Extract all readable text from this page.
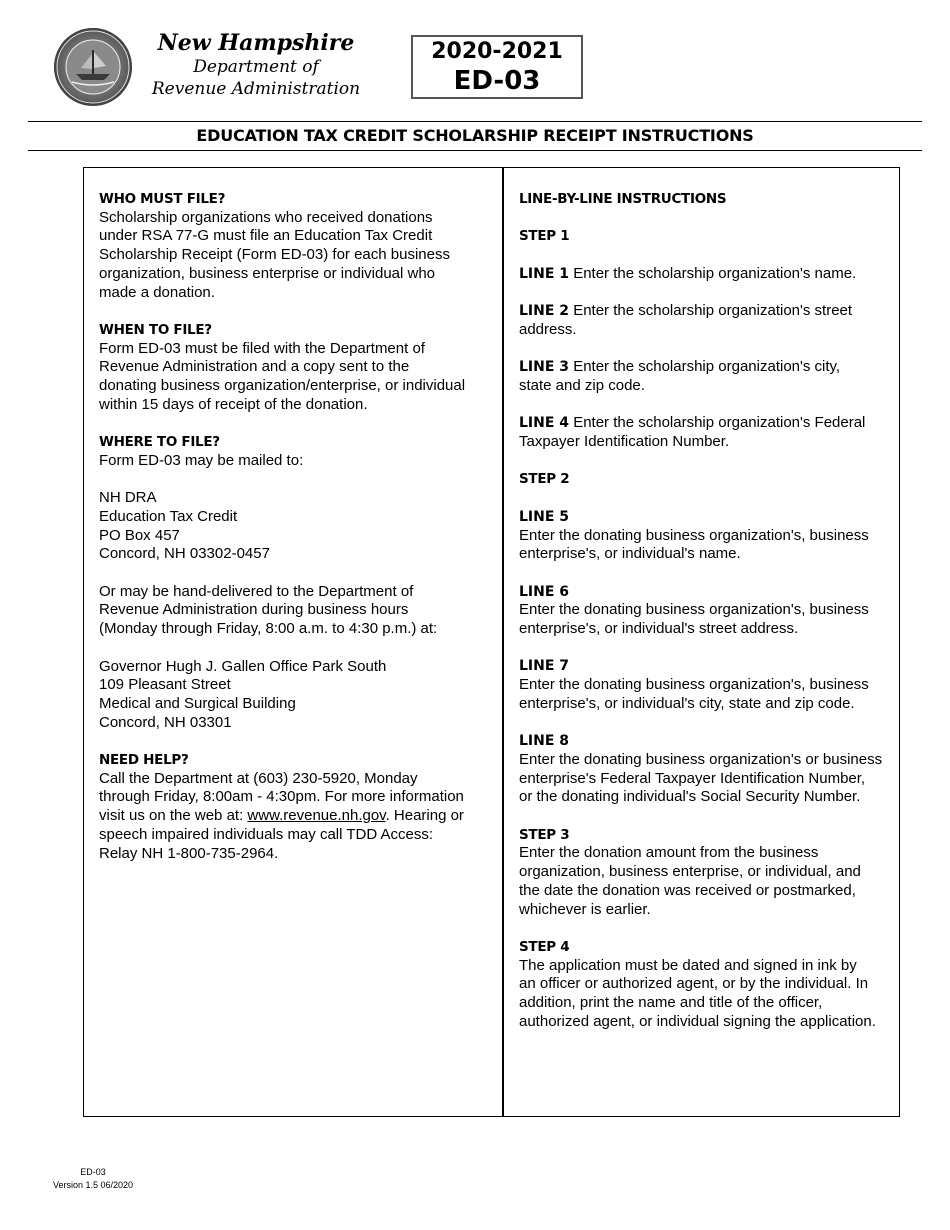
New Hampshire
Department of
Revenue Administration
2020-2021
ED-03
EDUCATION TAX CREDIT SCHOLARSHIP RECEIPT INSTRUCTIONS
WHO MUST FILE?
Scholarship organizations who received donations
under RSA 77-G must file an Education Tax Credit
Scholarship Receipt (Form ED-03) for each business
organization, business enterprise or individual who
made a donation.
WHEN TO FILE?
Form ED-03 must be filed with the Department of
Revenue Administration and a copy sent to the
donating business organization/enterprise, or individual
within 15 days of receipt of the donation.
WHERE TO FILE?
Form ED-03 may be mailed to:
NH DRA
Education Tax Credit
PO Box 457
Concord, NH 03302-0457
Or may be hand-delivered to the Department of
Revenue Administration during business hours
(Monday through Friday, 8:00 a.m. to 4:30 p.m.) at:
Governor Hugh J. Gallen Office Park South
109 Pleasant Street
Medical and Surgical Building
Concord, NH 03301
NEED HELP?
Call the Department at (603) 230-5920, Monday
through Friday, 8:00am - 4:30pm. For more information
visit us on the web at: www.revenue.nh.gov. Hearing or
speech impaired individuals may call TDD Access:
Relay NH 1-800-735-2964.
LINE-BY-LINE INSTRUCTIONS
STEP 1
LINE 1 Enter the scholarship organization's name.
LINE 2 Enter the scholarship organization's street
address.
LINE 3 Enter the scholarship organization's city,
state and zip code.
LINE 4 Enter the scholarship organization's Federal
Taxpayer Identification Number.
STEP 2
LINE 5
Enter the donating business organization's, business
enterprise's, or individual's name.
LINE 6
Enter the donating business organization's, business
enterprise's, or individual's street address.
LINE 7
Enter the donating business organization's, business
enterprise's, or individual's city, state and zip code.
LINE 8
Enter the donating business organization's or business
enterprise's Federal Taxpayer Identification Number,
or the donating individual's Social Security Number.
STEP 3
Enter the donation amount from the business
organization, business enterprise, or individual, and
the date the donation was received or postmarked,
whichever is earlier.
STEP 4
The application must be dated and signed in ink by
an officer or authorized agent, or by the individual. In
addition, print the name and title of the officer,
authorized agent, or individual signing the application.
ED-03
Version 1.5 06/2020
